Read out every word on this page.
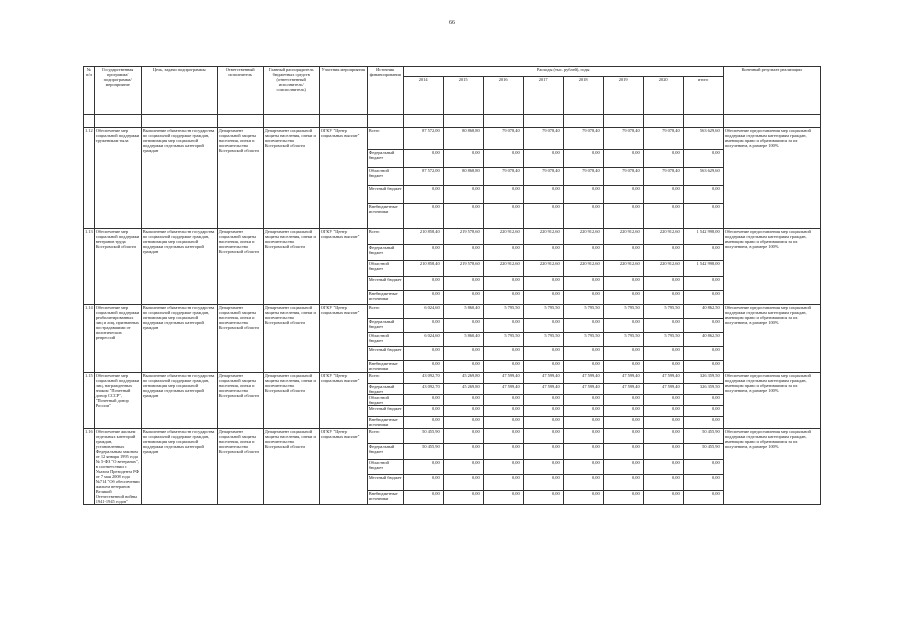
66
№ п/п	Государственная программа/подпрограмма/мероприятие	Цель, задачи подпрограммы	Ответственный исполнитель	Главный распорядитель бюджетных средств (ответственный исполнитель/соисполнитель)	Участник мероприятия	Источник финансирования	Расходы (тыс. рублей), годы								Конечный результат реализации
							2014	2015	2016	2017	2018	2019	2020	итого	

1.12	Обеспечение мер социальной поддержки труженикам тыла	Выполнение обязательств государства по социальной поддержке граждан, оптимизация мер социальной поддержки отдельных категорий граждан	Департамент социальной защиты населения, опеки и попечительства Костромской области	Департамент социальной защиты населения, опеки и попечительства Костромской области	ОГКУ "Центр социальных выплат"	Всего	87 572,00	80 868,80	79 078,40	79 078,40	79 078,40	79 078,40	79 078,40	563 629,60	Обеспечение предоставления мер социальной поддержки отдельным категориям граждан, имеющим право и обратившимся за их получением, в размере 100%
						Федеральный бюджет	0,00	0,00	0,00	0,00	0,00	0,00	0,00	0,00	
						Областной бюджет	87 572,00	80 868,80	79 078,40	79 078,40	79 078,40	79 078,40	79 078,40	563 629,60	
						Местный бюджет	0,00	0,00	0,00	0,00	0,00	0,00	0,00	0,00	
						Внебюджетные источники	0,00	0,00	0,00	0,00	0,00	0,00	0,00	0,00	
1.13	Обеспечение мер социальной поддержки ветеранов труда Костромской области	Выполнение обязательств государства по социальной поддержке граждан, оптимизация мер социальной поддержки отдельных категорий граждан	Департамент социальной защиты населения, опеки и попечительства Костромской области	Департамент социальной защиты населения, опеки и попечительства Костромской области	ОГКУ "Центр социальных выплат"	Всего	210 858,40	219 578,60	220 912,60	220 912,60	220 912,60	220 912,60	220 912,60	1 542 998,00	Обеспечение предоставления мер социальной поддержки отдельным категориям граждан, имеющим право и обратившимся за их получением, в размере 100%
						Федеральный бюджет	0,00	0,00	0,00	0,00	0,00	0,00	0,00	0,00	
						Областной бюджет	210 858,40	219 578,60	220 912,60	220 912,60	220 912,60	220 912,60	220 912,60	1 542 998,00	
						Местный бюджет	0,00	0,00	0,00	0,00	0,00	0,00	0,00	0,00	
						Внебюджетные источники	0,00	0,00	0,00	0,00	0,00	0,00	0,00	0,00	
1.14	Обеспечение мер социальной поддержки реабилитированных лиц и лиц, признанных пострадавшими от политических репрессий	Выполнение обязательств государства по социальной поддержке граждан, оптимизация мер социальной поддержки отдельных категорий граждан	Департамент социальной защиты населения, опеки и попечительства Костромской области	Департамент социальной защиты населения, опеки и попечительства Костромской области	ОГКУ "Центр социальных выплат"	Всего	6 024,60	5 860,40	5 795,50	5 795,50	5 795,50	5 795,50	5 795,50	40 862,50	Обеспечение предоставления мер социальной поддержки отдельным категориям граждан, имеющим право и обратившимся за их получением, в размере 100%
						Федеральный бюджет	0,00	0,00	0,00	0,00	0,00	0,00	0,00	0,00	
						Областной бюджет	6 024,60	5 860,40	5 795,50	5 795,50	5 795,50	5 795,50	5 795,50	40 862,50	
						Местный бюджет	0,00	0,00	0,00	0,00	0,00	0,00	0,00	0,00	
						Внебюджетные источники	0,00	0,00	0,00	0,00	0,00	0,00	0,00	0,00	
1.15	Обеспечение мер социальной поддержки лиц, награжденных знаком "Почетный донор СССР", "Почетный донор России"	Выполнение обязательств государства по социальной поддержке граждан, оптимизация мер социальной поддержки отдельных категорий граждан	Департамент социальной защиты населения, опеки и попечительства Костромской области	Департамент социальной защиты населения, опеки и попечительства Костромской области	ОГКУ "Центр социальных выплат"	Всего	43 092,70	45 269,80	47 599,40	47 599,40	47 599,40	47 599,40	47 599,40	326 359,50	Обеспечение предоставления мер социальной поддержки отдельным категориям граждан, имеющим право и обратившимся за их получением, в размере 100%
						Федеральный бюджет	43 092,70	45 269,80	47 599,40	47 599,40	47 599,40	47 599,40	47 599,40	326 359,50	
						Областной бюджет	0,00	0,00	0,00	0,00	0,00	0,00	0,00	0,00	
						Местный бюджет	0,00	0,00	0,00	0,00	0,00	0,00	0,00	0,00	
						Внебюджетные источники	0,00	0,00	0,00	0,00	0,00	0,00	0,00	0,00	
1.16	Обеспечение жильем отдельных категорий граждан, установленных Федеральным законом от 12 января 1995 года № 5-ФЗ "О ветеранах", в соответствии с Указом Президента РФ от 7 мая 2008 года №714 "Об обеспечении жильем ветеранов Великой Отечественной войны 1941-1945 годов"	Выполнение обязательств государства по социальной поддержке граждан, оптимизация мер социальной поддержки отдельных категорий граждан	Департамент социальной защиты населения, опеки и попечительства Костромской области	Департамент социальной защиты населения, опеки и попечительства Костромской области	ОГКУ "Центр социальных выплат"	Всего	50 455,90	0,00	0,00	0,00	0,00	0,00	0,00	50 455,90	Обеспечение предоставления мер социальной поддержки отдельным категориям граждан, имеющим право и обратившимся за их получением, в размере 100%
						Федеральный бюджет	50 455,90	0,00	0,00	0,00	0,00	0,00	0,00	50 455,90	
						Областной бюджет	0,00	0,00	0,00	0,00	0,00	0,00	0,00	0,00	
						Местный бюджет	0,00	0,00	0,00	0,00	0,00	0,00	0,00	0,00	
						Внебюджетные источники	0,00	0,00	0,00	0,00	0,00	0,00	0,00	0,00	
